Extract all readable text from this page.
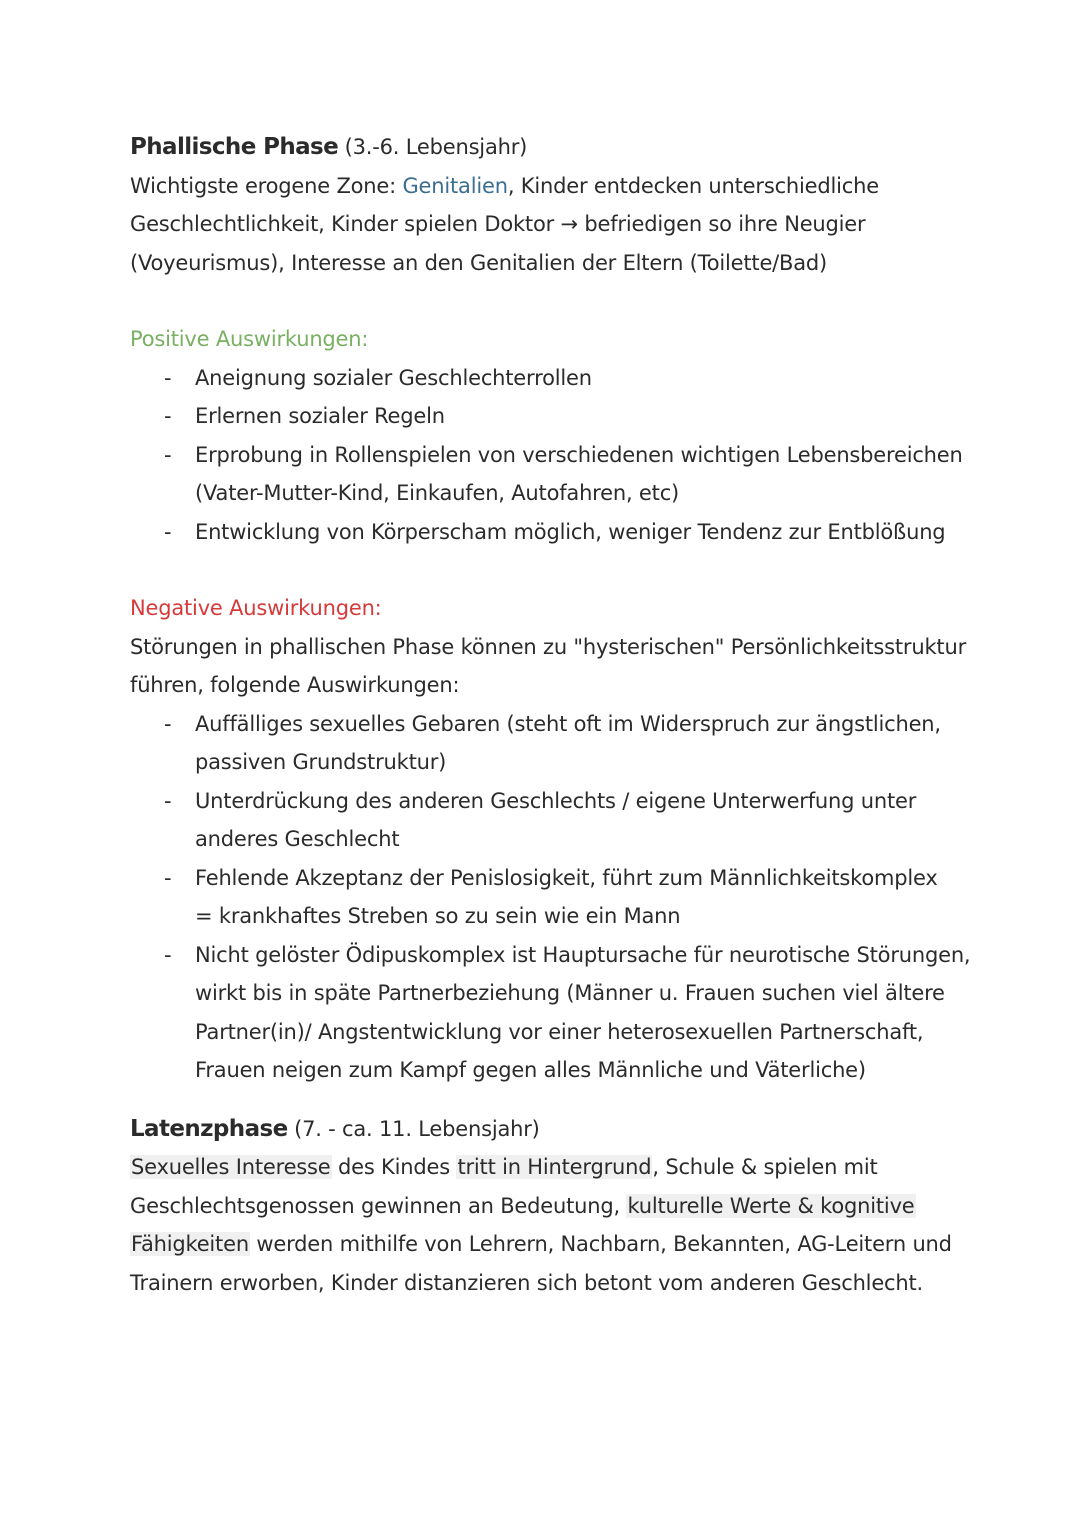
Phallische Phase (3.-6. Lebensjahr)
Wichtigste erogene Zone: Genitalien, Kinder entdecken unterschiedliche
Geschlechtlichkeit, Kinder spielen Doktor → befriedigen so ihre Neugier
(Voyeurismus), Interesse an den Genitalien der Eltern (Toilette/Bad)
Positive Auswirkungen:
- Aneignung sozialer Geschlechterrollen
- Erlernen sozialer Regeln
- Erprobung in Rollenspielen von verschiedenen wichtigen Lebensbereichen
(Vater-Mutter-Kind, Einkaufen, Autofahren, etc)
- Entwicklung von Körperscham möglich, weniger Tendenz zur Entblößung
Negative Auswirkungen:
Störungen in phallischen Phase können zu "hysterischen" Persönlichkeitsstruktur
führen, folgende Auswirkungen:
- Auffälliges sexuelles Gebaren (steht oft im Widerspruch zur ängstlichen,
passiven Grundstruktur)
- Unterdrückung des anderen Geschlechts / eigene Unterwerfung unter
anderes Geschlecht
- Fehlende Akzeptanz der Penislosigkeit, führt zum Männlichkeitskomplex
= krankhaftes Streben so zu sein wie ein Mann
- Nicht gelöster Ödipuskomplex ist Hauptursache für neurotische Störungen,
wirkt bis in späte Partnerbeziehung (Männer u. Frauen suchen viel ältere
Partner(in)/ Angstentwicklung vor einer heterosexuellen Partnerschaft,
Frauen neigen zum Kampf gegen alles Männliche und Väterliche)
Latenzphase (7. - ca. 11. Lebensjahr)
Sexuelles Interesse des Kindes tritt in Hintergrund, Schule & spielen mit
Geschlechtsgenossen gewinnen an Bedeutung, kulturelle Werte & kognitive
Fähigkeiten werden mithilfe von Lehrern, Nachbarn, Bekannten, AG-Leitern und
Trainern erworben, Kinder distanzieren sich betont vom anderen Geschlecht.
